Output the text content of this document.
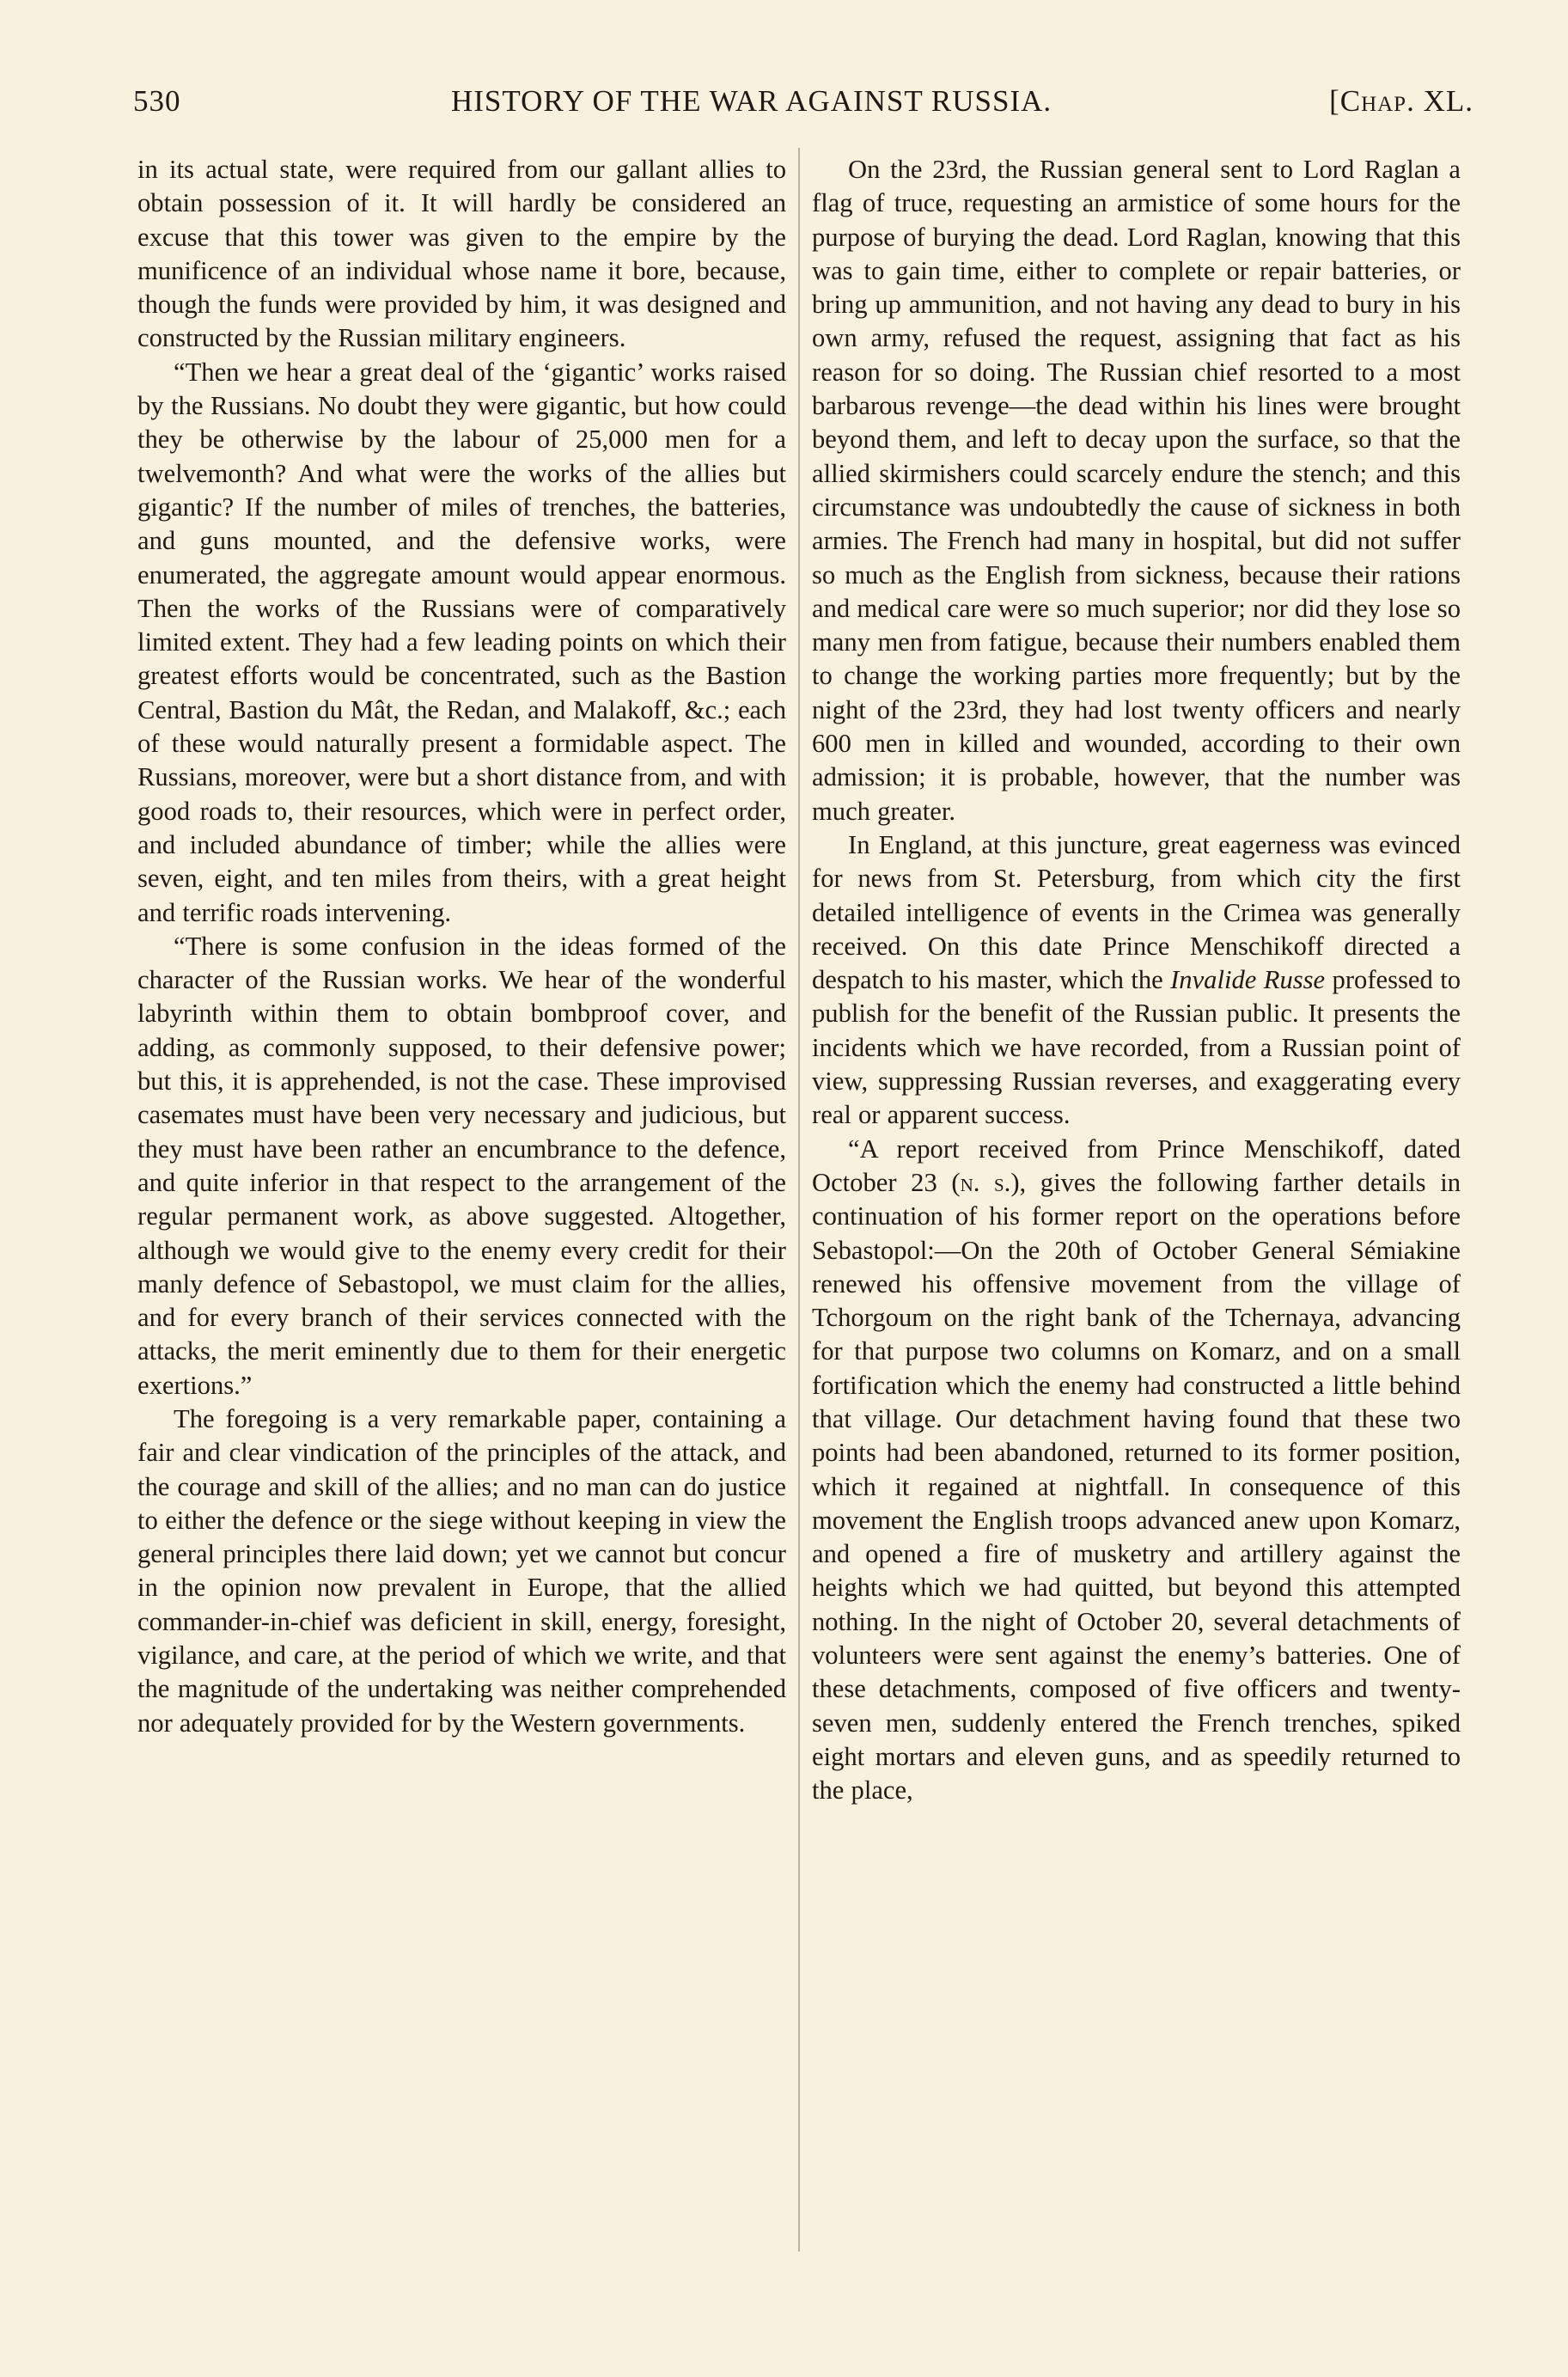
530	HISTORY OF THE WAR AGAINST RUSSIA.	[Chap. XL.

in its actual state, were required from our gallant allies to obtain possession of it. It will hardly be considered an excuse that this tower was given to the empire by the munificence of an individual whose name it bore, because, though the funds were provided by him, it was designed and constructed by the Russian military engineers.

“Then we hear a great deal of the ‘gigantic’ works raised by the Russians. No doubt they were gigantic, but how could they be otherwise by the labour of 25,000 men for a twelvemonth? And what were the works of the allies but gigantic? If the number of miles of trenches, the batteries, and guns mounted, and the defensive works, were enumerated, the aggregate amount would appear enormous. Then the works of the Russians were of comparatively limited extent. They had a few leading points on which their greatest efforts would be concentrated, such as the Bastion Central, Bastion du Mât, the Redan, and Malakoff, &c.; each of these would naturally present a formidable aspect. The Russians, moreover, were but a short distance from, and with good roads to, their resources, which were in perfect order, and included abundance of timber; while the allies were seven, eight, and ten miles from theirs, with a great height and terrific roads intervening.

“There is some confusion in the ideas formed of the character of the Russian works. We hear of the wonderful labyrinth within them to obtain bombproof cover, and adding, as commonly supposed, to their defensive power; but this, it is apprehended, is not the case. These improvised casemates must have been very necessary and judicious, but they must have been rather an encumbrance to the defence, and quite inferior in that respect to the arrangement of the regular permanent work, as above suggested. Altogether, although we would give to the enemy every credit for their manly defence of Sebastopol, we must claim for the allies, and for every branch of their services connected with the attacks, the merit eminently due to them for their energetic exertions.”

The foregoing is a very remarkable paper, containing a fair and clear vindication of the principles of the attack, and the courage and skill of the allies; and no man can do justice to either the defence or the siege without keeping in view the general principles there laid down; yet we cannot but concur in the opinion now prevalent in Europe, that the allied commander-in-chief was deficient in skill, energy, foresight, vigilance, and care, at the period of which we write, and that the magnitude of the undertaking was neither comprehended nor adequately provided for by the Western governments.

On the 23rd, the Russian general sent to Lord Raglan a flag of truce, requesting an armistice of some hours for the purpose of burying the dead. Lord Raglan, knowing that this was to gain time, either to complete or repair batteries, or bring up ammunition, and not having any dead to bury in his own army, refused the request, assigning that fact as his reason for so doing. The Russian chief resorted to a most barbarous revenge—the dead within his lines were brought beyond them, and left to decay upon the surface, so that the allied skirmishers could scarcely endure the stench; and this circumstance was undoubtedly the cause of sickness in both armies. The French had many in hospital, but did not suffer so much as the English from sickness, because their rations and medical care were so much superior; nor did they lose so many men from fatigue, because their numbers enabled them to change the working parties more frequently; but by the night of the 23rd, they had lost twenty officers and nearly 600 men in killed and wounded, according to their own admission; it is probable, however, that the number was much greater.

In England, at this juncture, great eagerness was evinced for news from St. Petersburg, from which city the first detailed intelligence of events in the Crimea was generally received. On this date Prince Menschikoff directed a despatch to his master, which the Invalide Russe professed to publish for the benefit of the Russian public. It presents the incidents which we have recorded, from a Russian point of view, suppressing Russian reverses, and exaggerating every real or apparent success.

“A report received from Prince Menschikoff, dated October 23 (n. s.), gives the following farther details in continuation of his former report on the operations before Sebastopol:—On the 20th of October General Sémiakine renewed his offensive movement from the village of Tchorgoum on the right bank of the Tchernaya, advancing for that purpose two columns on Komarz, and on a small fortification which the enemy had constructed a little behind that village. Our detachment having found that these two points had been abandoned, returned to its former position, which it regained at nightfall. In consequence of this movement the English troops advanced anew upon Komarz, and opened a fire of musketry and artillery against the heights which we had quitted, but beyond this attempted nothing. In the night of October 20, several detachments of volunteers were sent against the enemy’s batteries. One of these detachments, composed of five officers and twenty-seven men, suddenly entered the French trenches, spiked eight mortars and eleven guns, and as speedily returned to the place,
